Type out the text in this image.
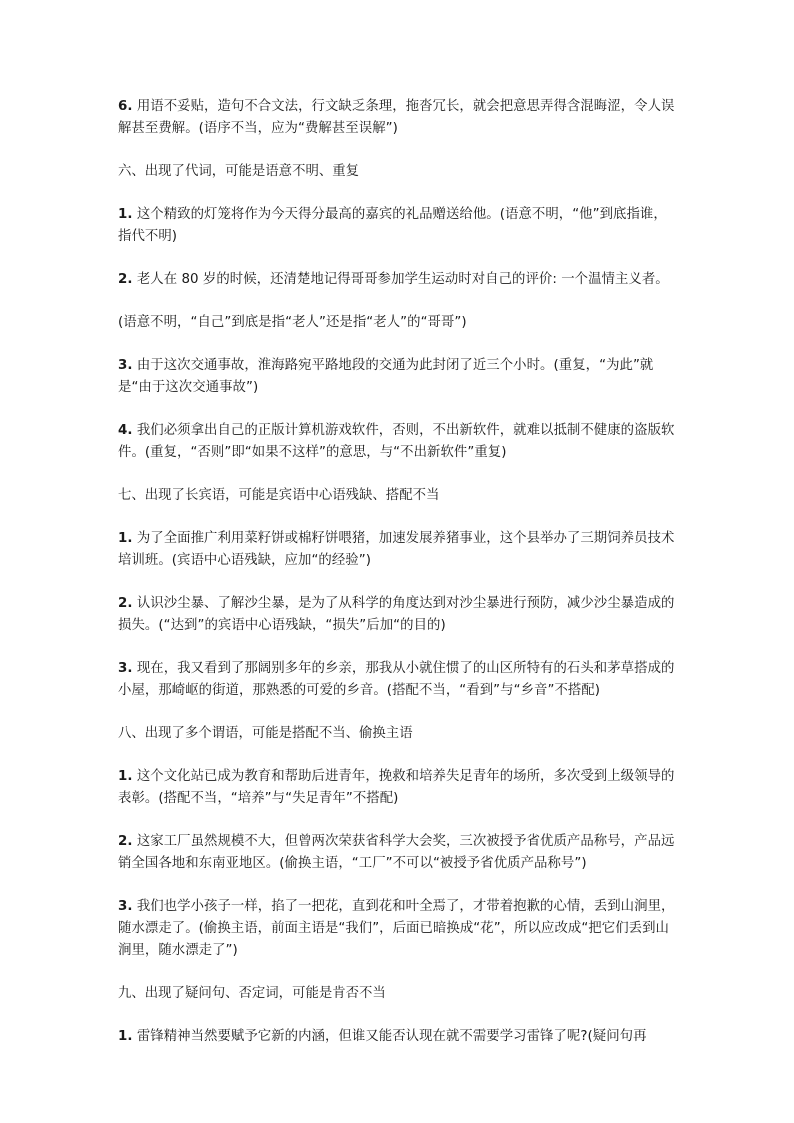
6. 用语不妥贴，造句不合文法，行文缺乏条理，拖沓冗长，就会把意思弄得含混晦涩，令人误解甚至费解。(语序不当，应为“费解甚至误解”)

六、出现了代词，可能是语意不明、重复

1. 这个精致的灯笼将作为今天得分最高的嘉宾的礼品赠送给他。(语意不明，“他”到底指谁，指代不明)

2. 老人在 80 岁的时候，还清楚地记得哥哥参加学生运动时对自己的评价: 一个温情主义者。

(语意不明，“自己”到底是指“老人”还是指“老人”的“哥哥”)

3. 由于这次交通事故，淮海路宛平路地段的交通为此封闭了近三个小时。(重复，“为此”就是“由于这次交通事故”)

4. 我们必须拿出自己的正版计算机游戏软件，否则，不出新软件，就难以抵制不健康的盗版软件。(重复，“否则”即“如果不这样”的意思，与“不出新软件”重复)

七、出现了长宾语，可能是宾语中心语残缺、搭配不当

1. 为了全面推广利用菜籽饼或棉籽饼喂猪，加速发展养猪事业，这个县举办了三期饲养员技术培训班。(宾语中心语残缺，应加“的经验”)

2. 认识沙尘暴、了解沙尘暴，是为了从科学的角度达到对沙尘暴进行预防，减少沙尘暴造成的损失。(“达到”的宾语中心语残缺，“损失”后加“的目的)

3. 现在，我又看到了那阔别多年的乡亲，那我从小就住惯了的山区所特有的石头和茅草搭成的小屋，那崎岖的街道，那熟悉的可爱的乡音。(搭配不当，“看到”与“乡音”不搭配)

八、出现了多个谓语，可能是搭配不当、偷换主语

1. 这个文化站已成为教育和帮助后进青年，挽救和培养失足青年的场所，多次受到上级领导的表彰。(搭配不当，“培养”与“失足青年”不搭配)

2. 这家工厂虽然规模不大，但曾两次荣获省科学大会奖，三次被授予省优质产品称号，产品远销全国各地和东南亚地区。(偷换主语，“工厂”不可以“被授予省优质产品称号”)

3. 我们也学小孩子一样，掐了一把花，直到花和叶全焉了，才带着抱歉的心情，丢到山涧里，随水漂走了。(偷换主语，前面主语是“我们”，后面已暗换成“花”，所以应改成“把它们丢到山涧里，随水漂走了”)

九、出现了疑问句、否定词，可能是肯否不当

1. 雷锋精神当然要赋予它新的内涵，但谁又能否认现在就不需要学习雷锋了呢?(疑问句再
